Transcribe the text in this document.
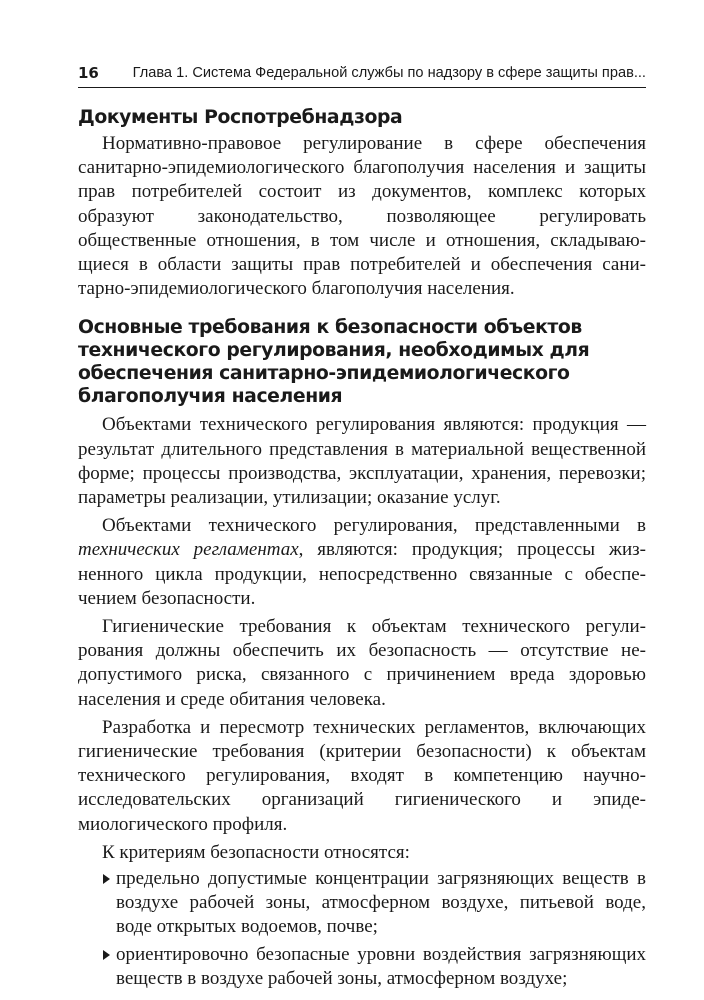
16 Глава 1. Система Федеральной службы по надзору в сфере защиты прав...
Документы Роспотребнадзора

Нормативно-правовое регулирование в сфере обеспечения санитарно-эпидемиологического благополучия населения и защиты прав потребителей состоит из документов, комплекс которых образуют законодательство, позволяющее регулировать общественные отношения, в том числе и отношения, складывающиеся в области защиты прав потребителей и обеспечения санитарно-эпидемиологического благополучия населения.

Основные требования к безопасности объектов технического регулирования, необходимых для обеспечения санитарно-эпидемиологического благополучия населения

Объектами технического регулирования являются: продукция — результат длительного представления в материальной вещественной форме; процессы производства, эксплуатации, хранения, перевозки; параметры реализации, утилизации; оказание услуг.

Объектами технического регулирования, представленными в технических регламентах, являются: продукция; процессы жизненного цикла продукции, непосредственно связанные с обеспечением безопасности.

Гигиенические требования к объектам технического регулирования должны обеспечить их безопасность — отсутствие недопустимого риска, связанного с причинением вреда здоровью населения и среде обитания человека.

Разработка и пересмотр технических регламентов, включающих гигиенические требования (критерии безопасности) к объектам технического регулирования, входят в компетенцию научно-исследовательских организаций гигиенического и эпидемиологического профиля.

К критериям безопасности относятся:

предельно допустимые концентрации загрязняющих веществ в воздухе рабочей зоны, атмосферном воздухе, питьевой воде, воде открытых водоемов, почве;
ориентировочно безопасные уровни воздействия загрязняющих веществ в воздухе рабочей зоны, атмосферном воздухе;
